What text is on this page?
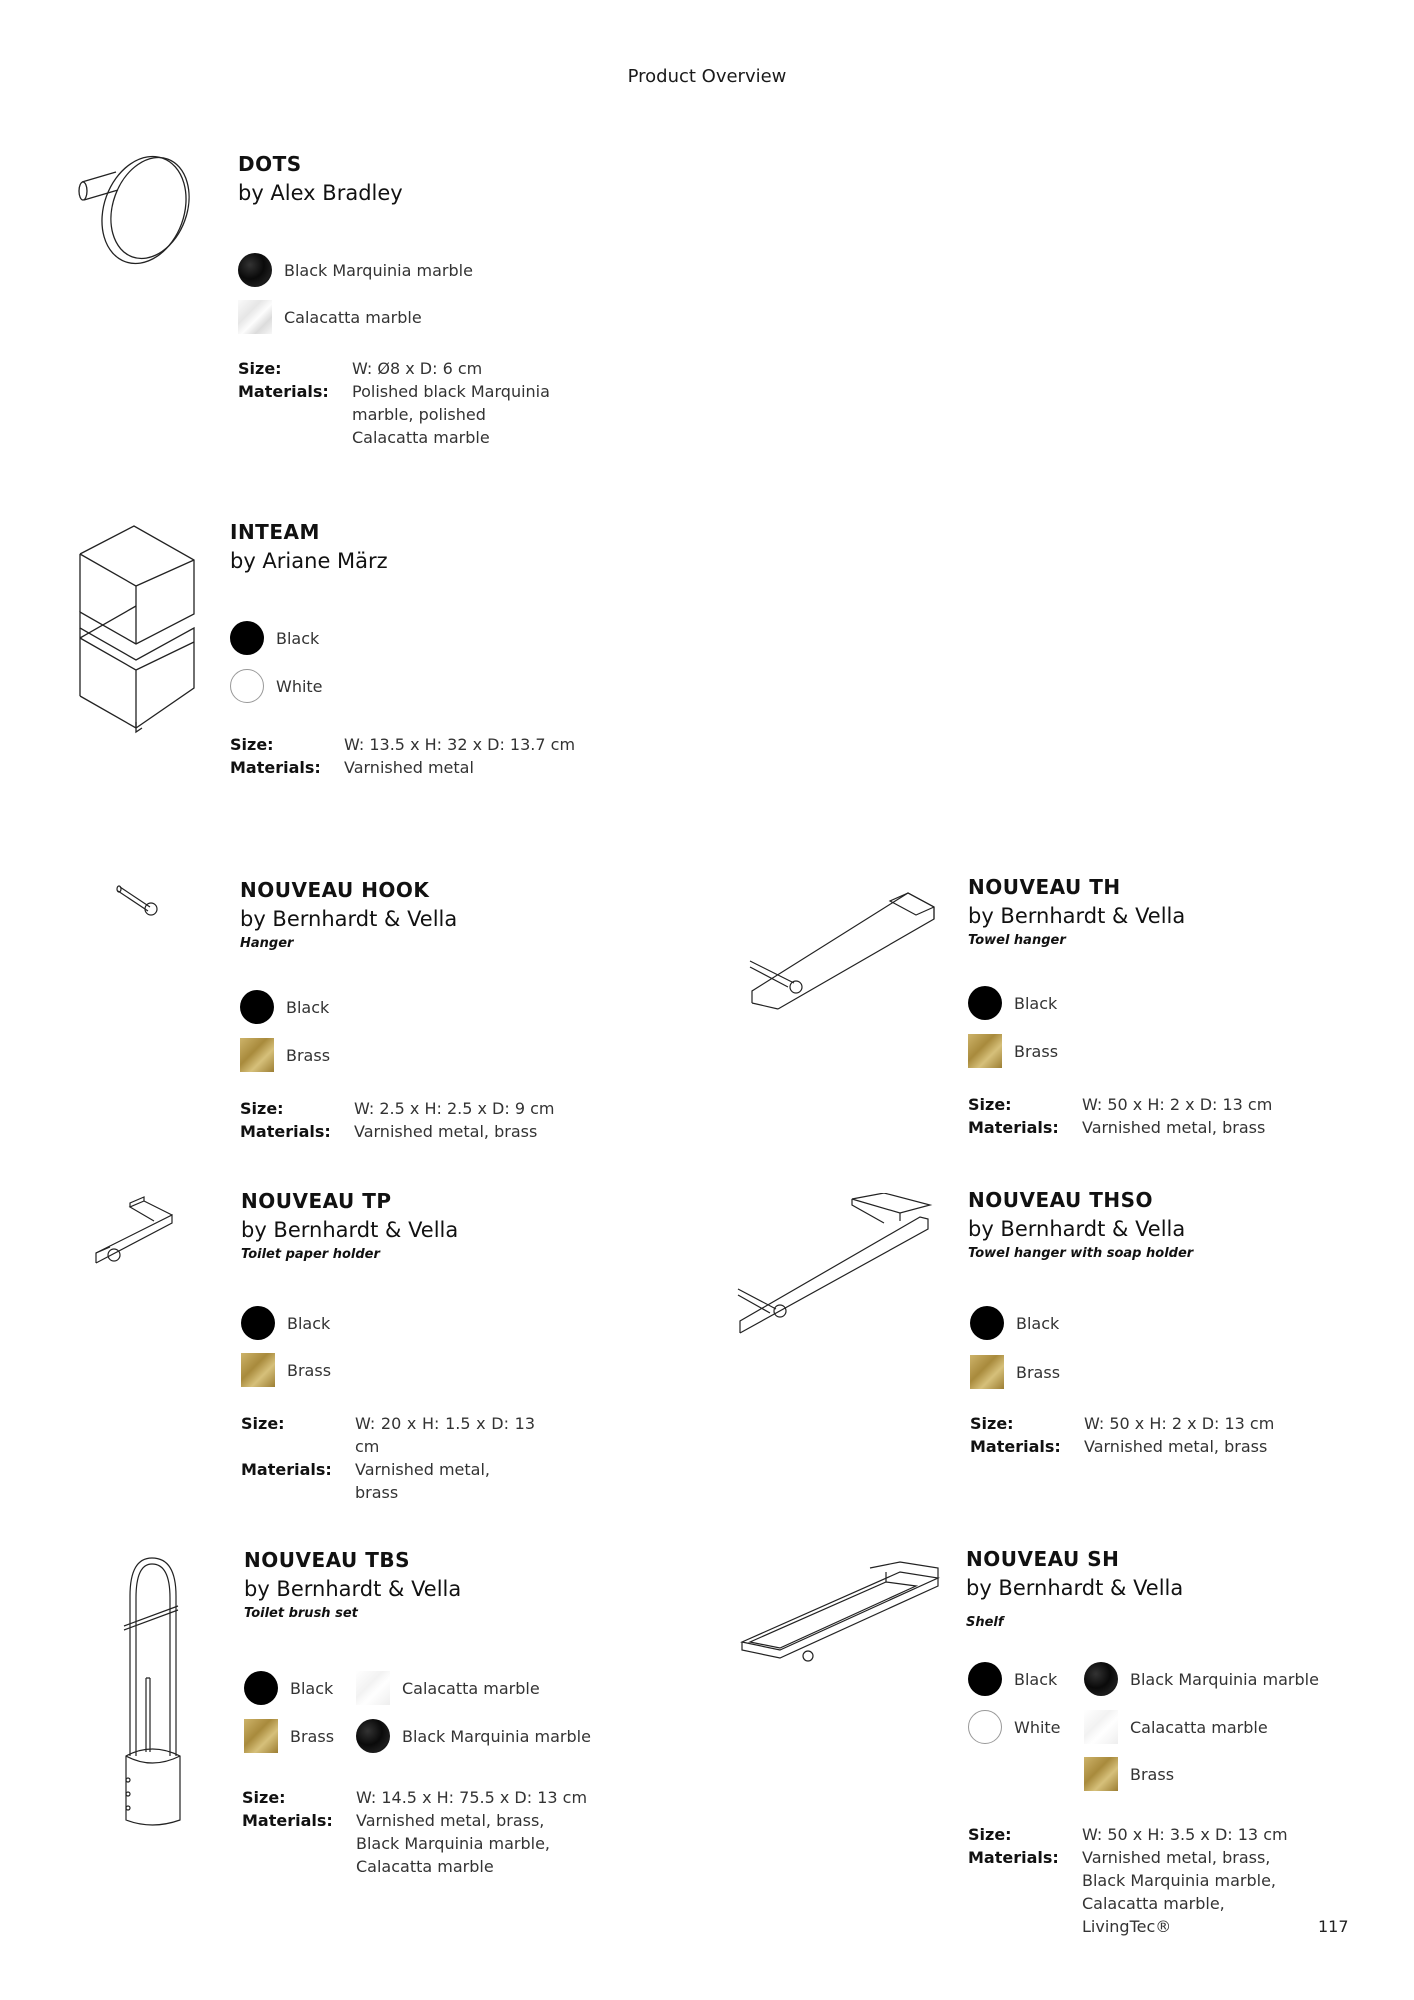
Product Overview

DOTS

by Alex Bradley

Black Marquinia marble
Calacatta marble
Size:	W: Ø8 x D: 6 cm
Materials:	Polished black Marquinia marble, polished Calacatta marble

INTEAM

by Ariane März

Black
White
Size:	W: 13.5 x H: 32 x D: 13.7 cm
Materials:	Varnished metal

NOUVEAU HOOK

by Bernhardt & Vella

Hanger

Black
Brass
Size:	W: 2.5 x H: 2.5 x D: 9 cm
Materials:	Varnished metal, brass

NOUVEAU TH

by Bernhardt & Vella

Towel hanger

Black
Brass
Size:	W: 50 x H: 2 x D: 13 cm
Materials:	Varnished metal, brass

NOUVEAU TP

by Bernhardt & Vella

Toilet paper holder

Black
Brass
Size:	W: 20 x H: 1.5 x D: 13 cm
Materials:	Varnished metal, brass

NOUVEAU THSO

by Bernhardt & Vella

Towel hanger with soap holder

Black
Brass
Size:	W: 50 x H: 2 x D: 13 cm
Materials:	Varnished metal, brass

NOUVEAU TBS

by Bernhardt & Vella

Toilet brush set

Black
Brass
Calacatta marble
Black Marquinia marble
Size:	W: 14.5 x H: 75.5 x D: 13 cm
Materials:	Varnished metal, brass, Black Marquinia marble, Calacatta marble

NOUVEAU SH

by Bernhardt & Vella

Shelf

Black
White
Black Marquinia marble
Calacatta marble
Brass
Size:	W: 50 x H: 3.5 x D: 13 cm
Materials:	Varnished metal, brass, Black Marquinia marble, Calacatta marble, LivingTec®	117
